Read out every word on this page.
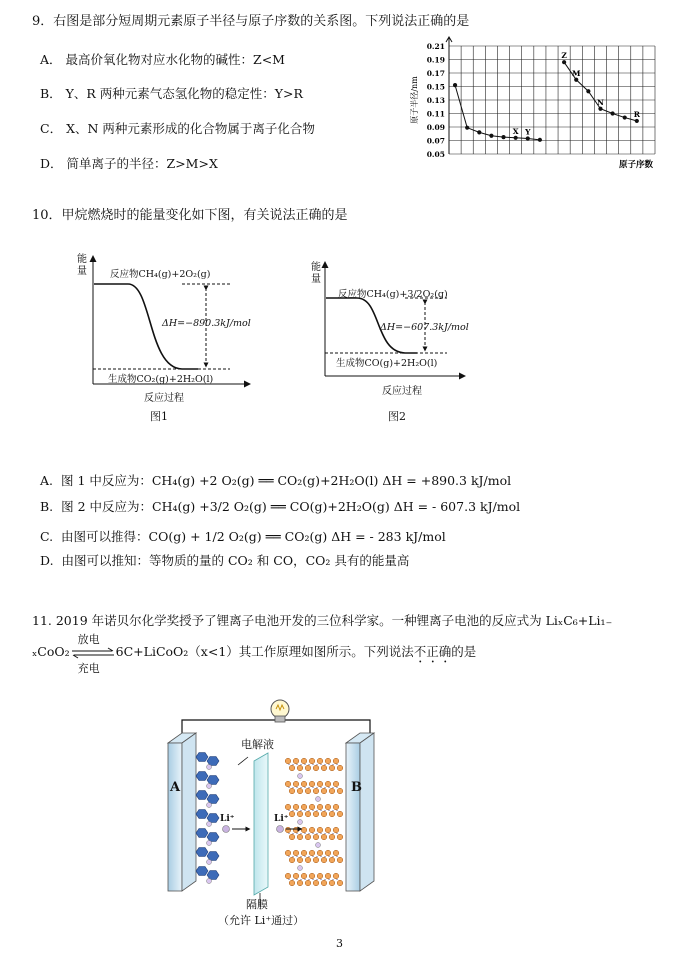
9．右图是部分短周期元素原子半径与原子序数的关系图。下列说法正确的是
A． 最高价氧化物对应水化物的碱性：Z<M
B． Y、R 两种元素气态氢化物的稳定性：Y>R
C． X、N 两种元素形成的化合物属于离子化合物
D． 简单离子的半径：Z>M>X
0.21
0.19
0.17
0.15
0.13
0.11
0.09
0.07
0.05
原子半径/nm
原子序数
X Y
Z
M
N
R
10．甲烷燃烧时的能量变化如下图，有关说法正确的是
能
量 反应物CH₄(g)+2O₂(g)
ΔH=−890.3kJ/mol
生成物CO₂(g)+2H₂O(l)
反应过程
图1
能
量
反应物CH₄(g)+3/2O₂(g)
ΔH=−607.3kJ/mol
生成物CO(g)+2H₂O(l)
反应过程
图2
A. 图 1 中反应为：CH₄(g) +2 O₂(g) ══ CO₂(g)+2H₂O(l) ΔH = +890.3 kJ/mol
B. 图 2 中反应为：CH₄(g) +3/2 O₂(g) ══ CO(g)+2H₂O(g) ΔH = - 607.3 kJ/mol
C. 由图可以推得：CO(g) + 1/2 O₂(g) ══ CO₂(g) ΔH = - 283 kJ/mol
D. 由图可以推知：等物质的量的 CO₂ 和 CO，CO₂ 具有的能量高
11. 2019 年诺贝尔化学奖授予了锂离子电池开发的三位科学家。一种锂离子电池的反应式为 LiₓC₆+Li₁₋
ₓCoO₂
放电
充电
6C+LiCoO₂（x<1）其工作原理如图所示。下列说法不正确的是
电解液
A	B
Li⁺	Li⁺
隔膜
（允许 Li⁺通过）
3
